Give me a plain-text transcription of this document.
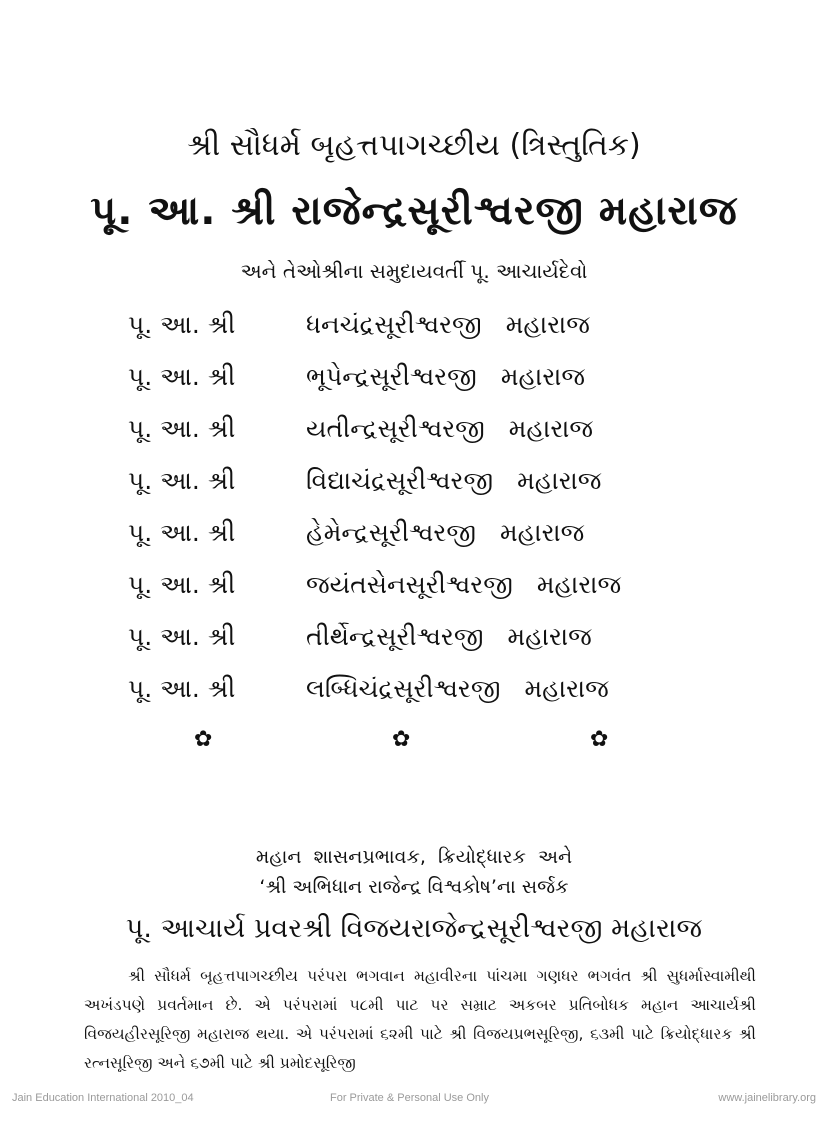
શ્રી સૌધર્મ બૃહત્તપાગચ્છીય (ત્રિસ્તુતિક)
પૂ. આ. શ્રી રાજેન્દ્રસૂરીશ્વરજી મહારાજ
અને તેઓશ્રીના સમુદાયવર્તી પૂ. આચાર્યદેવો
પૂ. આ. શ્રી	ધનચંદ્રસૂરીશ્વરજી મહારાજ
પૂ. આ. શ્રી	ભૂપેન્દ્રસૂરીશ્વરજી મહારાજ
પૂ. આ. શ્રી	યતીન્દ્રસૂરીશ્વરજી મહારાજ
પૂ. આ. શ્રી	વિદ્યાચંદ્રસૂરીશ્વરજી મહારાજ
પૂ. આ. શ્રી	હેમેન્દ્રસૂરીશ્વરજી મહારાજ
પૂ. આ. શ્રી	જયંતસેનસૂરીશ્વરજી મહારાજ
પૂ. આ. શ્રી	તીર્થેન્દ્રસૂરીશ્વરજી મહારાજ
પૂ. આ. શ્રી	લબ્ધિચંદ્રસૂરીશ્વરજી મહારાજ
✿	✿	✿
મહાન શાસનપ્રભાવક, ક્રિયોદ્ધારક અને
‘શ્રી અભિધાન રાજેન્દ્ર વિશ્વકોષ’ના સર્જક
પૂ. આચાર્ય પ્રવરશ્રી વિજયરાજેન્દ્રસૂરીશ્વરજી મહારાજ

શ્રી સૌધર્મ બૃહત્તપાગચ્છીય પરંપરા ભગવાન મહાવીરના પાંચમા ગણધર ભગવંત શ્રી સુધર્માસ્વામીથી અખંડપણે પ્રવર્તમાન છે. એ પરંપરામાં ૫૮મી પાટ પર સમ્રાટ અકબર પ્રતિબોધક મહાન આચાર્યશ્રી વિજયહીરસૂરિજી મહારાજ થયા. એ પરંપરામાં ૬૨મી પાટે શ્રી વિજયપ્રભસૂરિજી, ૬૩મી પાટે ક્રિયોદ્ધારક શ્રી રત્નસૂરિજી અને ૬૭મી પાટે શ્રી પ્રમોદસૂરિજી

Jain Education International 2010_04	For Private & Personal Use Only	www.jainelibrary.org
